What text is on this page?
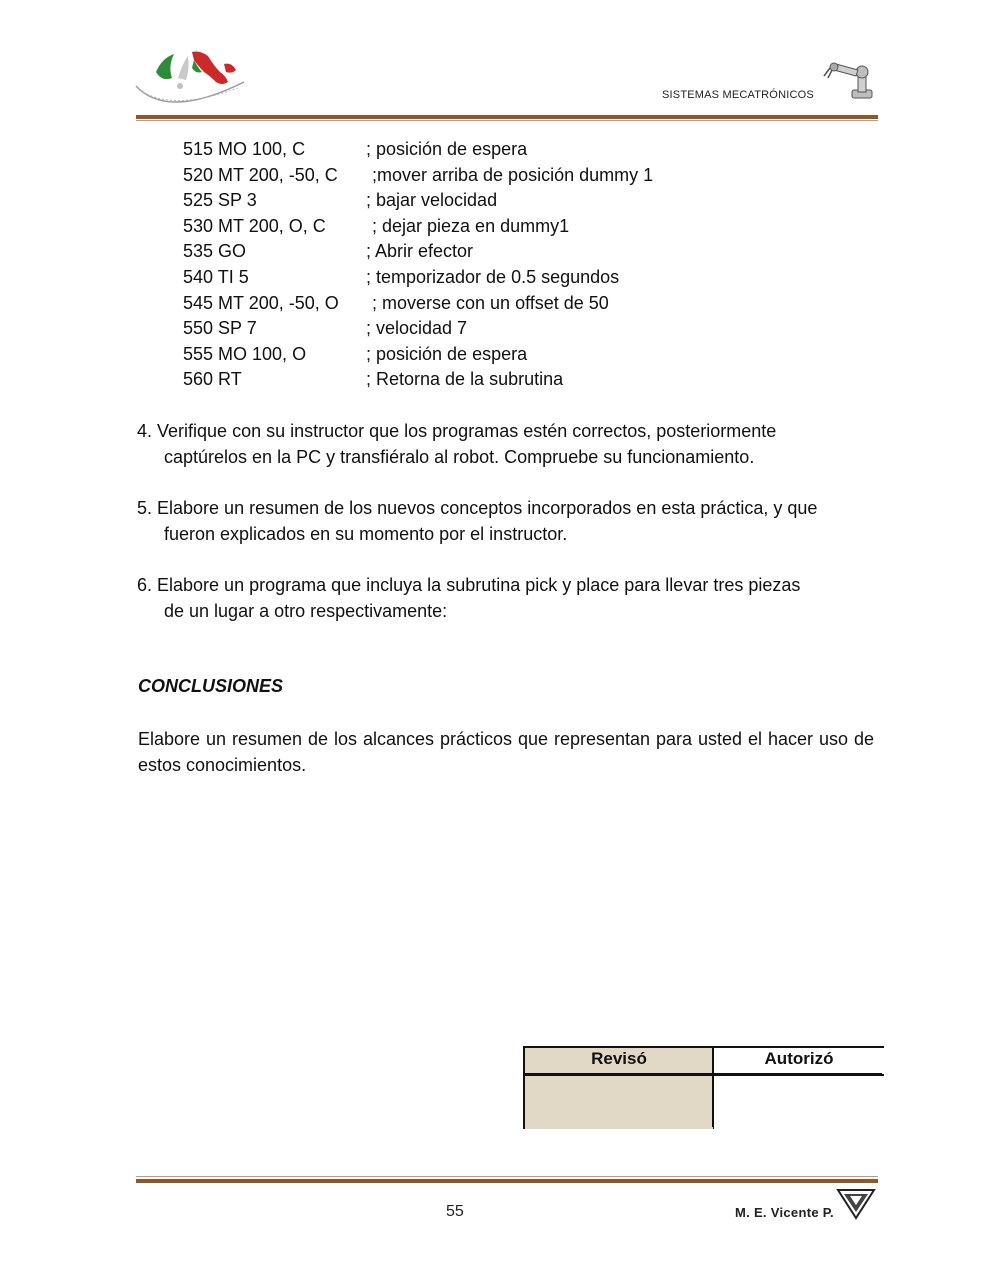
SISTEMAS MECATRÓNICOS
515 MO 100, C	; posición de espera
520 MT 200, -50, C ;mover arriba de posición dummy 1
525 SP 3	; bajar velocidad
530 MT 200, O, C	; dejar pieza en dummy1
535 GO	; Abrir efector
540 TI 5	; temporizador de 0.5 segundos
545 MT 200, -50, O ; moverse con un offset de 50
550 SP 7	; velocidad 7
555 MO 100, O	; posición de espera
560 RT	; Retorna de la subrutina
4. Verifique con su instructor que los programas estén correctos, posteriormente
captúrelos en la PC y transfiéralo al robot. Compruebe su funcionamiento.
5. Elabore un resumen de los nuevos conceptos incorporados en esta práctica, y que
fueron explicados en su momento por el instructor.
6. Elabore un programa que incluya la subrutina pick y place para llevar tres piezas
de un lugar a otro respectivamente:
CONCLUSIONES
Elabore un resumen de los alcances prácticos que representan para usted el hacer uso de estos conocimientos.
Revisó	Autorizó
55	M. E. Vicente P.
